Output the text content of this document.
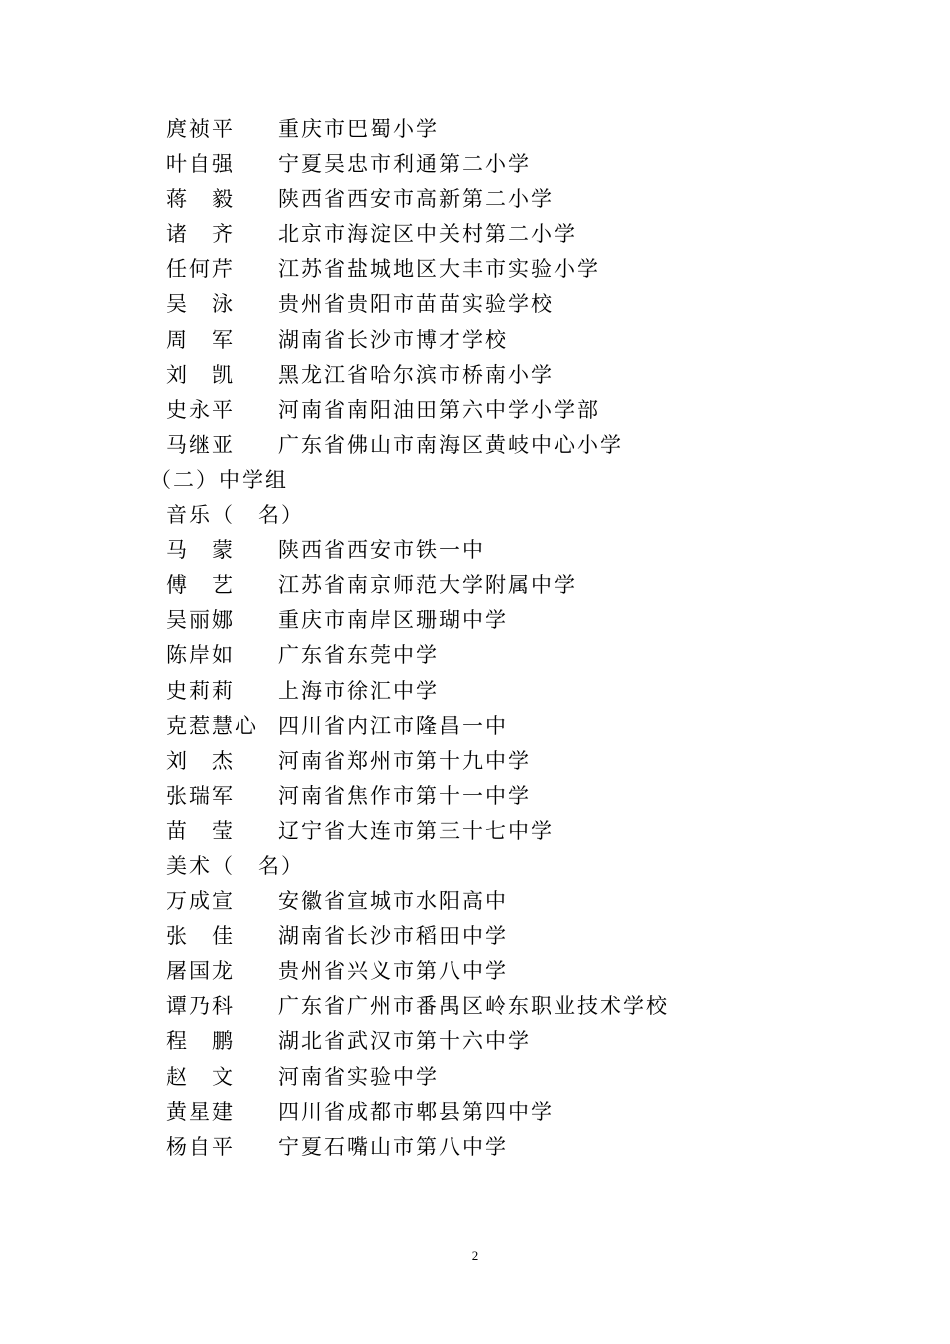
庹祯平 重庆市巴蜀小学
叶自强 宁夏吴忠市利通第二小学
蒋　毅 陕西省西安市高新第二小学
诸　齐 北京市海淀区中关村第二小学
任何芹 江苏省盐城地区大丰市实验小学
吴　泳 贵州省贵阳市苗苗实验学校
周　军 湖南省长沙市博才学校
刘　凯 黑龙江省哈尔滨市桥南小学
史永平 河南省南阳油田第六中学小学部
马继亚 广东省佛山市南海区黄岐中心小学
（二）中学组
音乐（　名）
马　蒙 陕西省西安市铁一中
傅　艺 江苏省南京师范大学附属中学
吴丽娜 重庆市南岸区珊瑚中学
陈岸如 广东省东莞中学
史莉莉 上海市徐汇中学
克惹慧心 四川省内江市隆昌一中
刘　杰 河南省郑州市第十九中学
张瑞军 河南省焦作市第十一中学
苗　莹 辽宁省大连市第三十七中学
美术（　名）
万成宣 安徽省宣城市水阳高中
张　佳 湖南省长沙市稻田中学
屠国龙 贵州省兴义市第八中学
谭乃科 广东省广州市番禺区岭东职业技术学校
程　鹏 湖北省武汉市第十六中学
赵　文 河南省实验中学
黄星建 四川省成都市郫县第四中学
杨自平 宁夏石嘴山市第八中学
2
